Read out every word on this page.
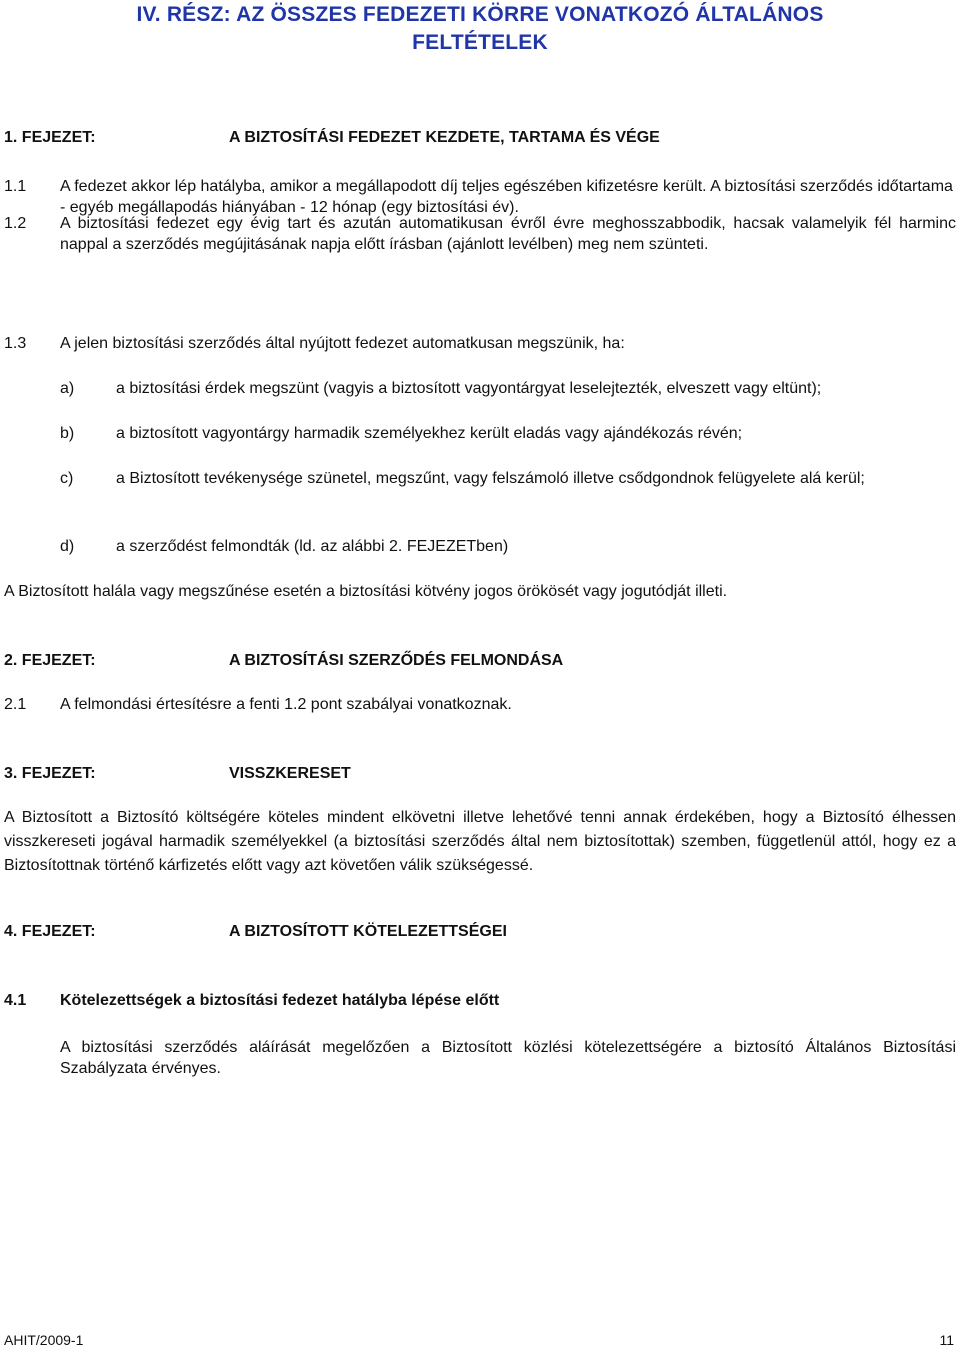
IV. RÉSZ: AZ ÖSSZES FEDEZETI KÖRRE VONATKOZÓ ÁLTALÁNOS
FELTÉTELEK
1. FEJEZET:	A BIZTOSÍTÁSI FEDEZET KEZDETE, TARTAMA ÉS VÉGE
1.1 A fedezet akkor lép hatályba, amikor a megállapodott díj teljes egészében kifizetésre került. A biztosítási szerződés időtartama - egyéb megállapodás hiányában - 12 hónap (egy biztosítási év).
1.2 A biztosítási fedezet egy évig tart és azután automatikusan évről évre meghosszabbodik, hacsak valamelyik fél harminc nappal a szerződés megújitásának napja előtt írásban (ajánlott levélben) meg nem szünteti.
1.3 A jelen biztosítási szerződés által nyújtott fedezet automatkusan megszünik, ha:
a)	a biztosítási érdek megszünt (vagyis a biztosított vagyontárgyat leselejtezték, elveszett vagy eltünt);
b)	a biztosított vagyontárgy harmadik személyekhez került eladás vagy ajándékozás révén;
c)	a Biztosított tevékenysége szünetel, megszűnt, vagy felszámoló illetve csődgondnok felügyelete alá kerül;
d)	a szerződést felmondták (ld. az alábbi 2. FEJEZETben)
A Biztosított halála vagy megszűnése esetén a biztosítási kötvény jogos örökösét vagy jogutódját illeti.
2. FEJEZET:	A BIZTOSÍTÁSI SZERZŐDÉS FELMONDÁSA
2.1 A felmondási értesítésre a fenti 1.2 pont szabályai vonatkoznak.
3. FEJEZET:	VISSZKERESET
A Biztosított a Biztosító költségére köteles mindent elkövetni illetve lehetővé tenni annak érdekében, hogy a Biztosító élhessen visszkereseti jogával harmadik személyekkel (a biztosítási szerződés által nem biztosítottak) szemben, függetlenül attól, hogy ez a Biztosítottnak történő kárfizetés előtt vagy azt követően válik szükségessé.
4. FEJEZET:	A BIZTOSÍTOTT KÖTELEZETTSÉGEI
4.1 Kötelezettségek a biztosítási fedezet hatályba lépése előtt
A biztosítási szerződés aláírását megelőzően a Biztosított közlési kötelezettségére a biztosító Általános Biztosítási Szabályzata érvényes.
AHIT/2009-1	11
